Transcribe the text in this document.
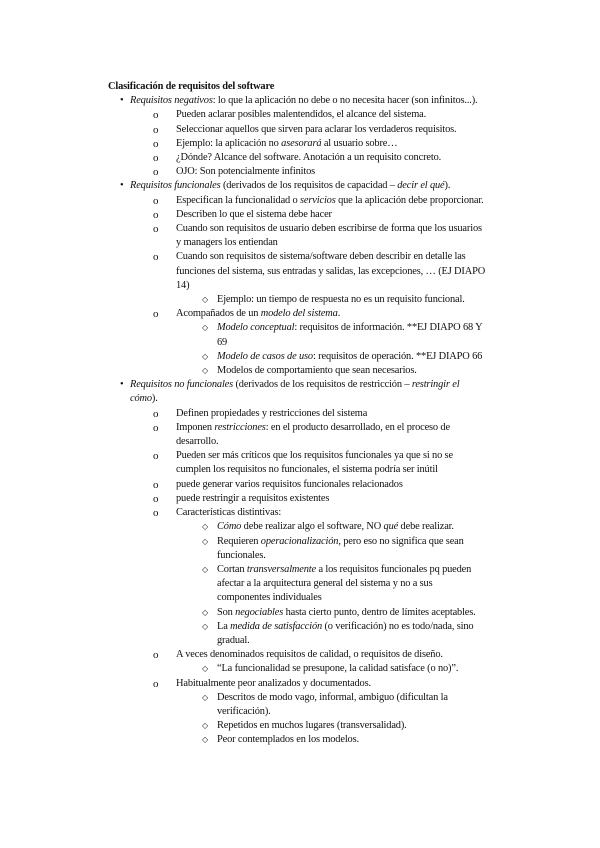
Clasificación de requisitos del software

• Requisitos negativos: lo que la aplicación no debe o no necesita hacer (son infinitos...).
o Pueden aclarar posibles malentendidos, el alcance del sistema.
o Seleccionar aquellos que sirven para aclarar los verdaderos requisitos.
o Ejemplo: la aplicación no asesorará al usuario sobre…
o ¿Dónde? Alcance del software. Anotación a un requisito concreto.
o OJO: Son potencialmente infinitos
• Requisitos funcionales (derivados de los requisitos de capacidad – decir el qué).
o Especifican la funcionalidad o servicios que la aplicación debe proporcionar.
o Describen lo que el sistema debe hacer
o Cuando son requisitos de usuario deben escribirse de forma que los usuarios y managers los entiendan
o Cuando son requisitos de sistema/software deben describir en detalle las funciones del sistema, sus entradas y salidas, las excepciones, … (EJ DIAPO 14)
◇ Ejemplo: un tiempo de respuesta no es un requisito funcional.
o Acompañados de un modelo del sistema.
◇ Modelo conceptual: requisitos de información. **EJ DIAPO 68 Y 69
◇ Modelo de casos de uso: requisitos de operación. **EJ DIAPO 66
◇ Modelos de comportamiento que sean necesarios.
• Requisitos no funcionales (derivados de los requisitos de restricción – restringir el cómo).
o Definen propiedades y restricciones del sistema
o Imponen restricciones: en el producto desarrollado, en el proceso de desarrollo.
o Pueden ser más críticos que los requisitos funcionales ya que si no se cumplen los requisitos no funcionales, el sistema podría ser inútil
o puede generar varios requisitos funcionales relacionados
o puede restringir a requisitos existentes
o Características distintivas:
◇ Cómo debe realizar algo el software, NO qué debe realizar.
◇ Requieren operacionalización, pero eso no significa que sean funcionales.
◇ Cortan transversalmente a los requisitos funcionales pq pueden afectar a la arquitectura general del sistema y no a sus componentes individuales
◇ Son negociables hasta cierto punto, dentro de límites aceptables.
◇ La medida de satisfacción (o verificación) no es todo/nada, sino gradual.
o A veces denominados requisitos de calidad, o requisitos de diseño.
◇ “La funcionalidad se presupone, la calidad satisface (o no)”.
o Habitualmente peor analizados y documentados.
◇ Descritos de modo vago, informal, ambiguo (dificultan la verificación).
◇ Repetidos en muchos lugares (transversalidad).
◇ Peor contemplados en los modelos.
